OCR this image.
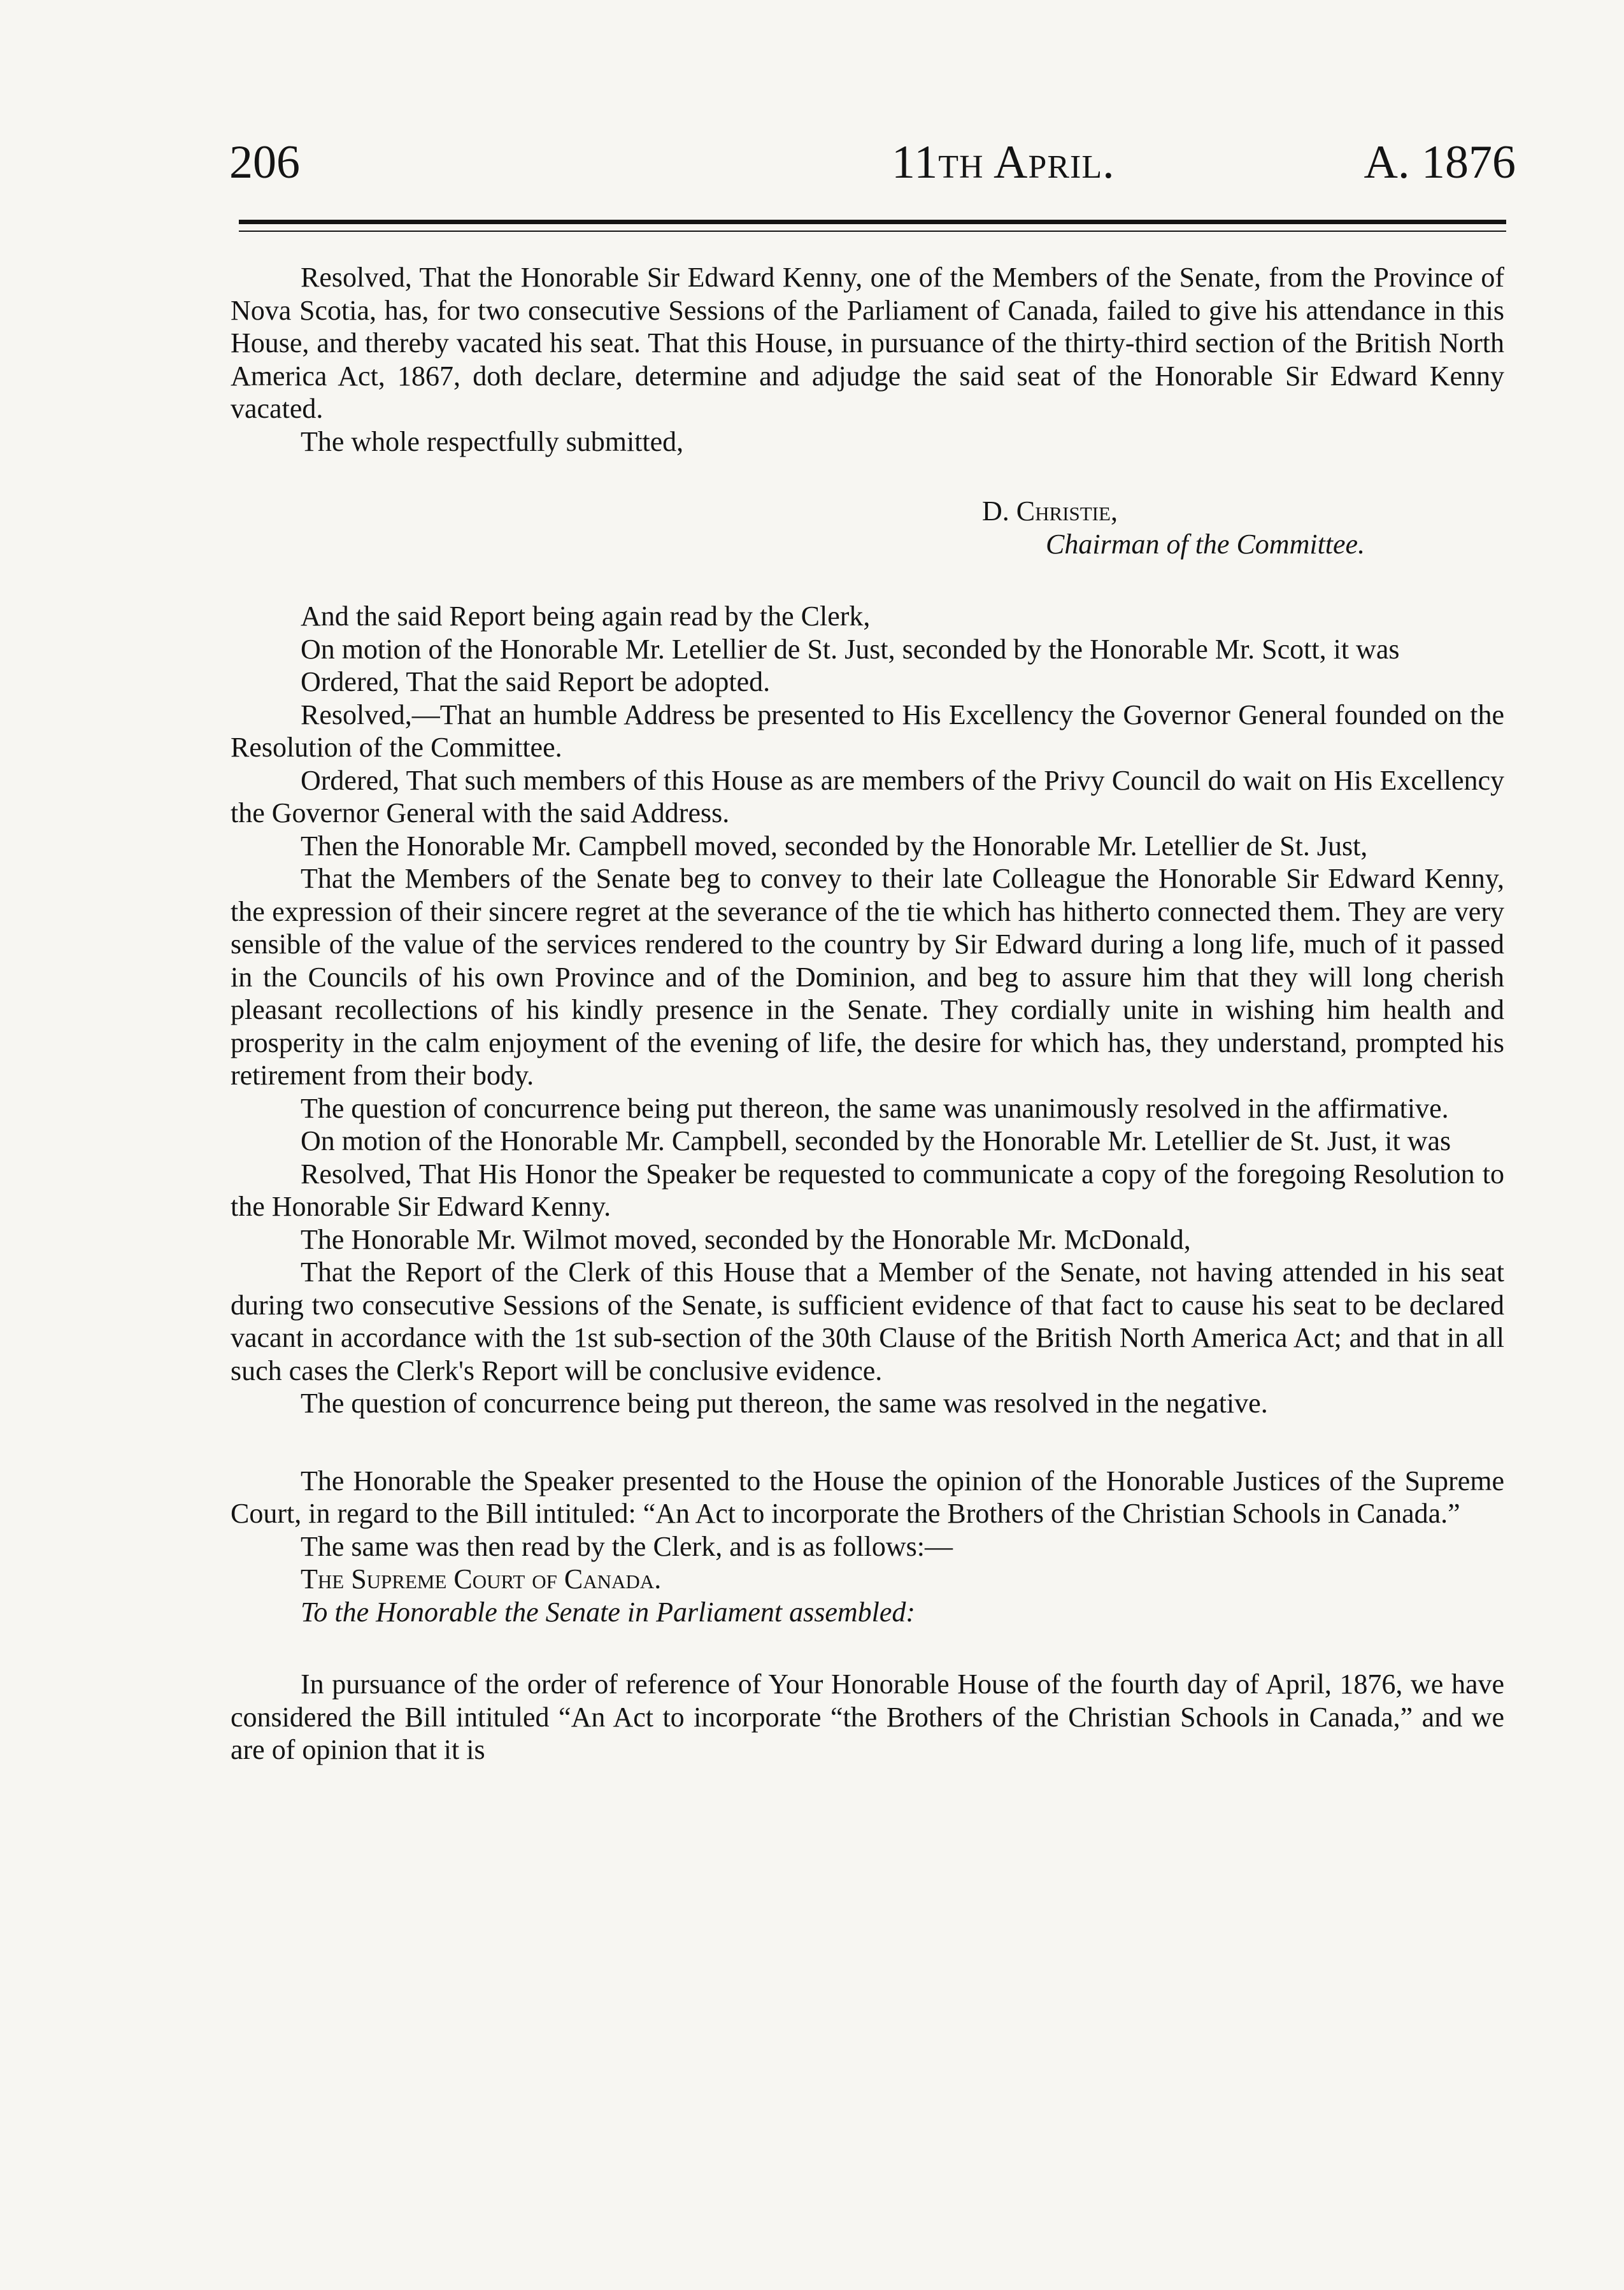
206	11th April.	A. 1876

Resolved, That the Honorable Sir Edward Kenny, one of the Members of the Senate, from the Province of Nova Scotia, has, for two consecutive Sessions of the Parliament of Canada, failed to give his attendance in this House, and thereby vacated his seat. That this House, in pursuance of the thirty-third section of the British North America Act, 1867, doth declare, determine and adjudge the said seat of the Honorable Sir Edward Kenny vacated.

The whole respectfully submitted,

D. Christie,
Chairman of the Committee.

And the said Report being again read by the Clerk,

On motion of the Honorable Mr. Letellier de St. Just, seconded by the Honorable Mr. Scott, it was

Ordered, That the said Report be adopted.

Resolved,—That an humble Address be presented to His Excellency the Governor General founded on the Resolution of the Committee.

Ordered, That such members of this House as are members of the Privy Council do wait on His Excellency the Governor General with the said Address.

Then the Honorable Mr. Campbell moved, seconded by the Honorable Mr. Letellier de St. Just,

That the Members of the Senate beg to convey to their late Colleague the Honorable Sir Edward Kenny, the expression of their sincere regret at the severance of the tie which has hitherto connected them. They are very sensible of the value of the services rendered to the country by Sir Edward during a long life, much of it passed in the Councils of his own Province and of the Dominion, and beg to assure him that they will long cherish pleasant recollections of his kindly presence in the Senate. They cordially unite in wishing him health and prosperity in the calm enjoyment of the evening of life, the desire for which has, they understand, prompted his retirement from their body.

The question of concurrence being put thereon, the same was unanimously resolved in the affirmative.

On motion of the Honorable Mr. Campbell, seconded by the Honorable Mr. Letellier de St. Just, it was

Resolved, That His Honor the Speaker be requested to communicate a copy of the foregoing Resolution to the Honorable Sir Edward Kenny.

The Honorable Mr. Wilmot moved, seconded by the Honorable Mr. McDonald,

That the Report of the Clerk of this House that a Member of the Senate, not having attended in his seat during two consecutive Sessions of the Senate, is sufficient evidence of that fact to cause his seat to be declared vacant in accordance with the 1st sub-section of the 30th Clause of the British North America Act; and that in all such cases the Clerk's Report will be conclusive evidence.

The question of concurrence being put thereon, the same was resolved in the negative.

The Honorable the Speaker presented to the House the opinion of the Honorable Justices of the Supreme Court, in regard to the Bill intituled: “An Act to incorporate the Brothers of the Christian Schools in Canada.”

The same was then read by the Clerk, and is as follows:—

The Supreme Court of Canada.

To the Honorable the Senate in Parliament assembled:

In pursuance of the order of reference of Your Honorable House of the fourth day of April, 1876, we have considered the Bill intituled “An Act to incorporate “the Brothers of the Christian Schools in Canada,” and we are of opinion that it is
